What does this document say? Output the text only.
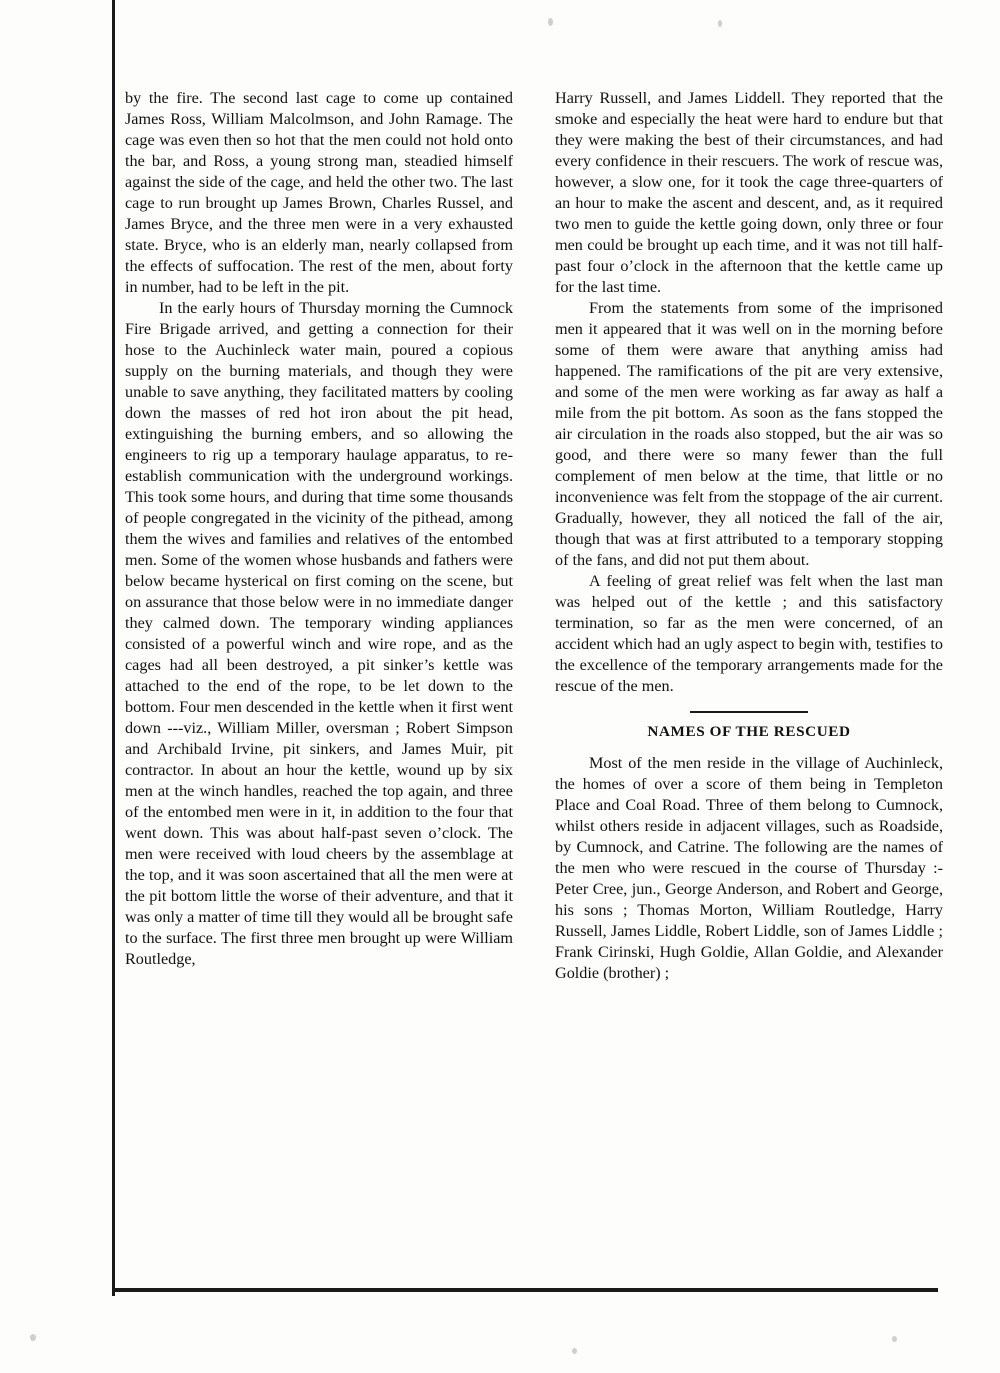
by the fire. The second last cage to come up contained James Ross, William Malcolmson, and John Ramage. The cage was even then so hot that the men could not hold onto the bar, and Ross, a young strong man, steadied himself against the side of the cage, and held the other two. The last cage to run brought up James Brown, Charles Russel, and James Bryce, and the three men were in a very exhausted state. Bryce, who is an elderly man, nearly collapsed from the effects of suffocation. The rest of the men, about forty in number, had to be left in the pit.

In the early hours of Thursday morning the Cumnock Fire Brigade arrived, and getting a connection for their hose to the Auchinleck water main, poured a copious supply on the burning materials, and though they were unable to save anything, they facilitated matters by cooling down the masses of red hot iron about the pit head, extinguishing the burning embers, and so allowing the engineers to rig up a temporary haulage apparatus, to re-establish communication with the underground workings. This took some hours, and during that time some thousands of people congregated in the vicinity of the pithead, among them the wives and families and relatives of the entombed men. Some of the women whose husbands and fathers were below became hysterical on first coming on the scene, but on assurance that those below were in no immediate danger they calmed down. The temporary winding appliances consisted of a powerful winch and wire rope, and as the cages had all been destroyed, a pit sinker’s kettle was attached to the end of the rope, to be let down to the bottom. Four men descended in the kettle when it first went down ---viz., William Miller, oversman ; Robert Simpson and Archibald Irvine, pit sinkers, and James Muir, pit contractor. In about an hour the kettle, wound up by six men at the winch handles, reached the top again, and three of the entombed men were in it, in addition to the four that went down. This was about half-past seven o’clock. The men were received with loud cheers by the assemblage at the top, and it was soon ascertained that all the men were at the pit bottom little the worse of their adventure, and that it was only a matter of time till they would all be brought safe to the surface. The first three men brought up were William Routledge,

Harry Russell, and James Liddell. They reported that the smoke and especially the heat were hard to endure but that they were making the best of their circumstances, and had every confidence in their rescuers. The work of rescue was, however, a slow one, for it took the cage three-quarters of an hour to make the ascent and descent, and, as it required two men to guide the kettle going down, only three or four men could be brought up each time, and it was not till half-past four o’clock in the afternoon that the kettle came up for the last time.

From the statements from some of the imprisoned men it appeared that it was well on in the morning before some of them were aware that anything amiss had happened. The ramifications of the pit are very extensive, and some of the men were working as far away as half a mile from the pit bottom. As soon as the fans stopped the air circulation in the roads also stopped, but the air was so good, and there were so many fewer than the full complement of men below at the time, that little or no inconvenience was felt from the stoppage of the air current. Gradually, however, they all noticed the fall of the air, though that was at first attributed to a temporary stopping of the fans, and did not put them about.

A feeling of great relief was felt when the last man was helped out of the kettle ; and this satisfactory termination, so far as the men were concerned, of an accident which had an ugly aspect to begin with, testifies to the excellence of the temporary arrangements made for the rescue of the men.

NAMES OF THE RESCUED

Most of the men reside in the village of Auchinleck, the homes of over a score of them being in Templeton Place and Coal Road. Three of them belong to Cumnock, whilst others reside in adjacent villages, such as Roadside, by Cumnock, and Catrine. The following are the names of the men who were rescued in the course of Thursday :- Peter Cree, jun., George Anderson, and Robert and George, his sons ; Thomas Morton, William Routledge, Harry Russell, James Liddle, Robert Liddle, son of James Liddle ; Frank Cirinski, Hugh Goldie, Allan Goldie, and Alexander Goldie (brother) ;
